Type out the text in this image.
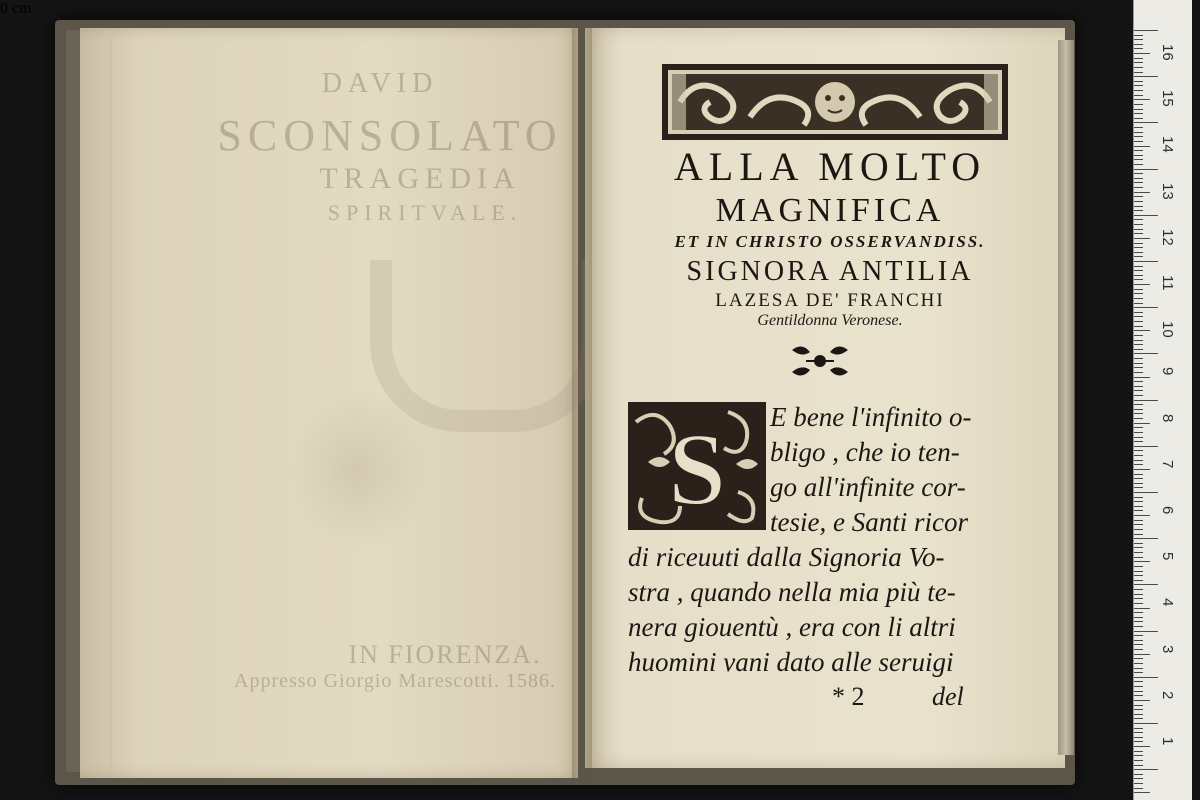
DAVID
SCONSOLATO
TRAGEDIA
SPIRITVALE.
IN FIORENZA.
Appresso Giorgio Marescotti. 1586.
ALLA MOLTO
MAGNIFICA
ET IN CHRISTO OSSERVANDISS.
SIGNORA ANTILIA
LAZESA DE' FRANCHI
Gentildonna Veronese.
S E bene l'infinito o-
bligo , che io ten-
go all'infinite cor-
tesie, e Santi ricor
di riceuuti dalla Signoria Vo-
stra , quando nella mia più te-
nera giouentù , era con li altri
huomini vani dato alle seruigi
* 2	del
16
15
14
13
12
11
10
9
8
7
6
5
4
3
2
1
0 cm
